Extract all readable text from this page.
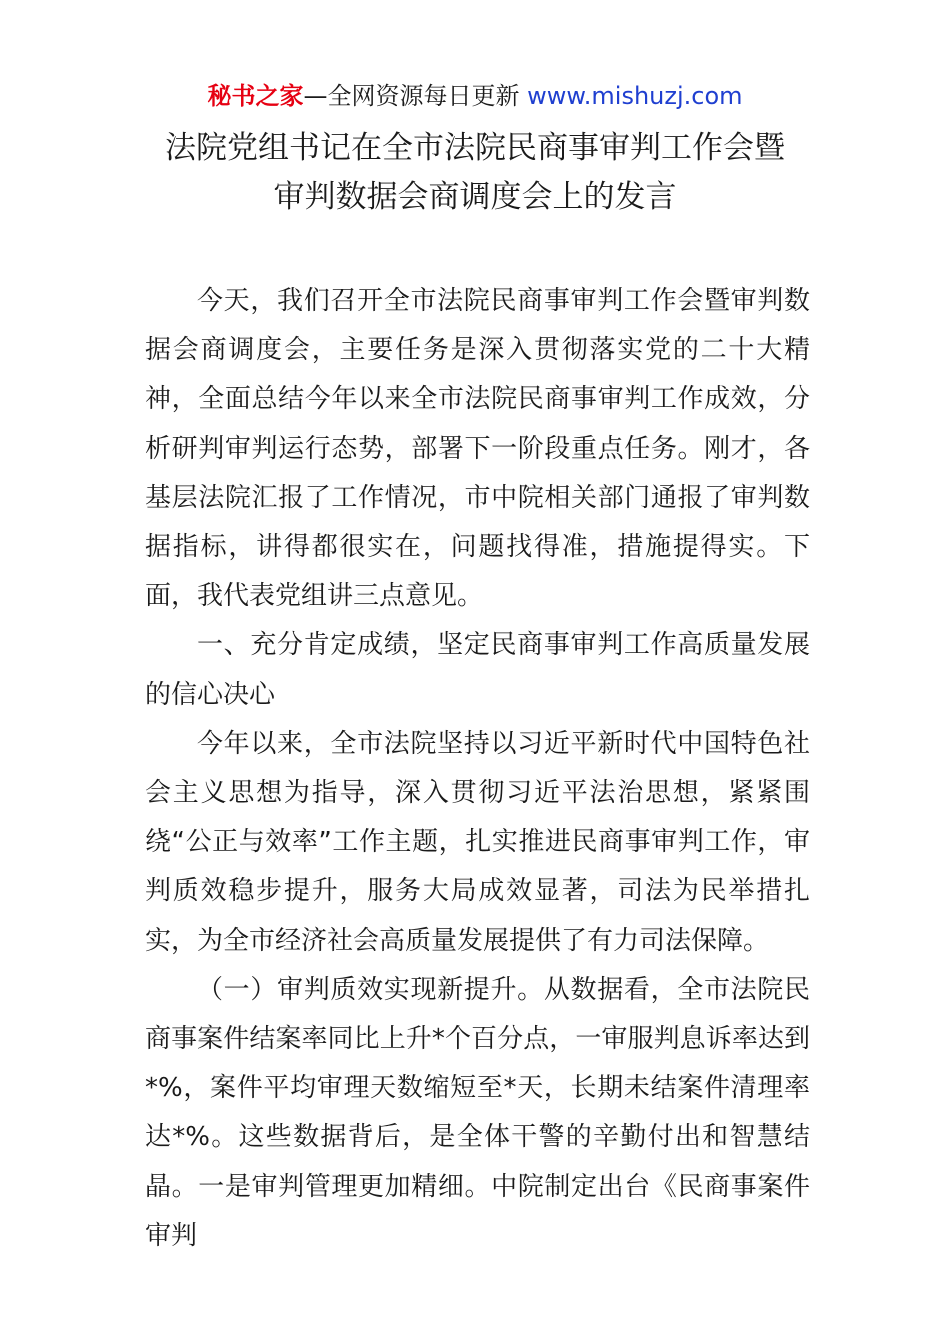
秘书之家—全网资源每日更新 www.mishuzj.com
法院党组书记在全市法院民商事审判工作会暨
审判数据会商调度会上的发言

今天，我们召开全市法院民商事审判工作会暨审判数据会商调度会，主要任务是深入贯彻落实党的二十大精神，全面总结今年以来全市法院民商事审判工作成效，分析研判审判运行态势，部署下一阶段重点任务。刚才，各基层法院汇报了工作情况，市中院相关部门通报了审判数据指标，讲得都很实在，问题找得准，措施提得实。下面，我代表党组讲三点意见。

一、充分肯定成绩，坚定民商事审判工作高质量发展的信心决心

今年以来，全市法院坚持以习近平新时代中国特色社会主义思想为指导，深入贯彻习近平法治思想，紧紧围绕“公正与效率”工作主题，扎实推进民商事审判工作，审判质效稳步提升，服务大局成效显著，司法为民举措扎实，为全市经济社会高质量发展提供了有力司法保障。

（一）审判质效实现新提升。从数据看，全市法院民商事案件结案率同比上升*个百分点，一审服判息诉率达到*%，案件平均审理天数缩短至*天，长期未结案件清理率达*%。这些数据背后，是全体干警的辛勤付出和智慧结晶。一是审判管理更加精细。中院制定出台《民商事案件审判
